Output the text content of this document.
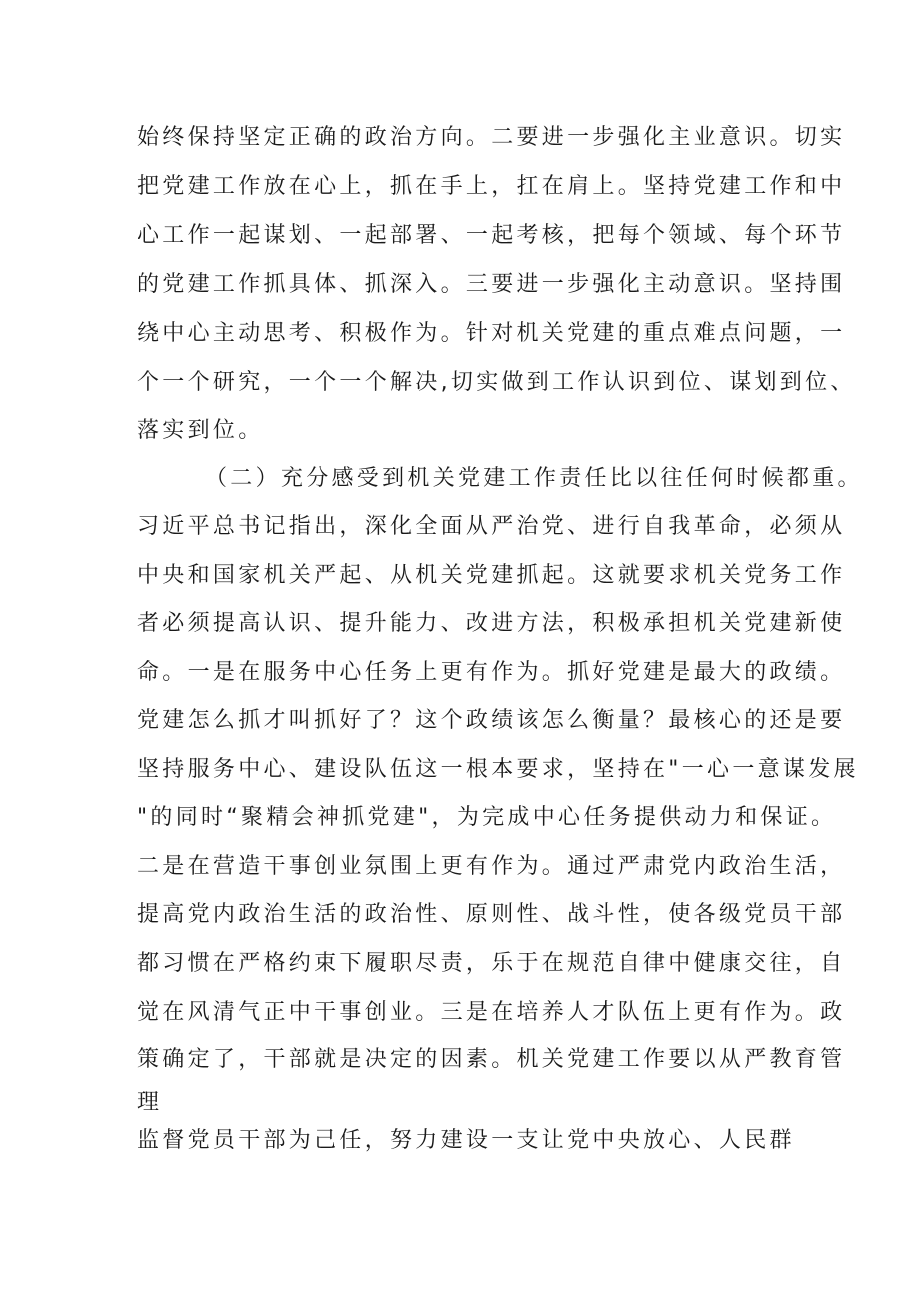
始终保持坚定正确的政治方向。二要进一步强化主业意识。切实
把党建工作放在心上，抓在手上，扛在肩上。坚持党建工作和中
心工作一起谋划、一起部署、一起考核，把每个领域、每个环节
的党建工作抓具体、抓深入。三要进一步强化主动意识。坚持围
绕中心主动思考、积极作为。针对机关党建的重点难点问题，一
个一个研究，一个一个解决,切实做到工作认识到位、谋划到位、
落实到位。
（二）充分感受到机关党建工作责任比以往任何时候都重。
习近平总书记指出，深化全面从严治党、进行自我革命，必须从
中央和国家机关严起、从机关党建抓起。这就要求机关党务工作
者必须提高认识、提升能力、改进方法，积极承担机关党建新使
命。一是在服务中心任务上更有作为。抓好党建是最大的政绩。
党建怎么抓才叫抓好了？这个政绩该怎么衡量？最核心的还是要
坚持服务中心、建设队伍这一根本要求，坚持在"一心一意谋发展
"的同时“聚精会神抓党建"，为完成中心任务提供动力和保证。
二是在营造干事创业氛围上更有作为。通过严肃党内政治生活，
提高党内政治生活的政治性、原则性、战斗性，使各级党员干部
都习惯在严格约束下履职尽责，乐于在规范自律中健康交往，自
觉在风清气正中干事创业。三是在培养人才队伍上更有作为。政
策确定了，干部就是决定的因素。机关党建工作要以从严教育管
理
监督党员干部为己任，努力建设一支让党中央放心、人民群
